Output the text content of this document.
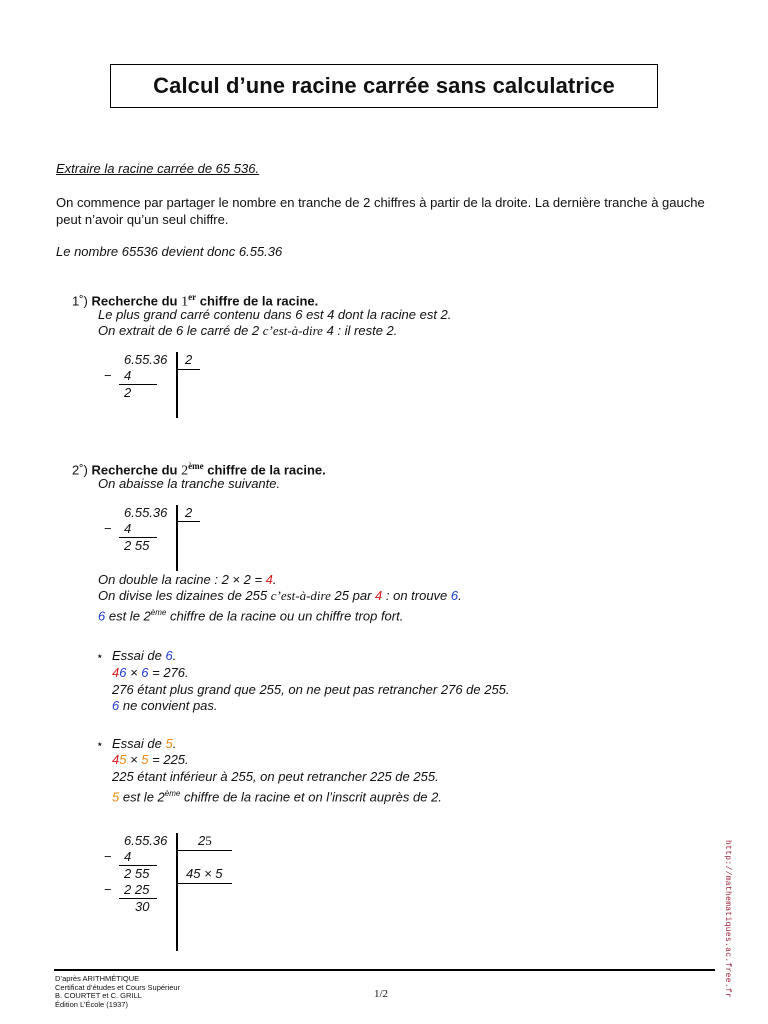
Calcul d’une racine carrée sans calculatrice
Extraire la racine carrée de 65 536.
On commence par partager le nombre en tranche de 2 chiffres à partir de la droite. La dernière tranche à gauche
peut n’avoir qu’un seul chiffre.
Le nombre 65536 devient donc 6.55.36
1˚) Recherche du 1er chiffre de la racine.
Le plus grand carré contenu dans 6 est 4 dont la racine est 2.
On extrait de 6 le carré de 2 c’est-à-dire 4 : il reste 2.
6.55.36
− 4
2
2
2˚) Recherche du 2ème chiffre de la racine.
On abaisse la tranche suivante.
6.55.36
− 4
2 55
2
On double la racine : 2 × 2 = 4.
On divise les dizaines de 255 c’est-à-dire 25 par 4 : on trouve 6.
6 est le 2ème chiffre de la racine ou un chiffre trop fort.
⋆ Essai de 6.
46 × 6 = 276.
276 étant plus grand que 255, on ne peut pas retrancher 276 de 255.
6 ne convient pas.
⋆ Essai de 5.
45 × 5 = 225.
225 étant inférieur à 255, on peut retrancher 225 de 255.
5 est le 2ème chiffre de la racine et on l’inscrit auprès de 2.
6.55.36
− 4
2 55
− 2 25
30
25
45 × 5	http://mathematiques.ac.free.fr
D’après ARITHMÉTIQUE
Certificat d’études et Cours Supérieur
B. COURTET et C. GRILL
Édition L’École (1937)
1/2
